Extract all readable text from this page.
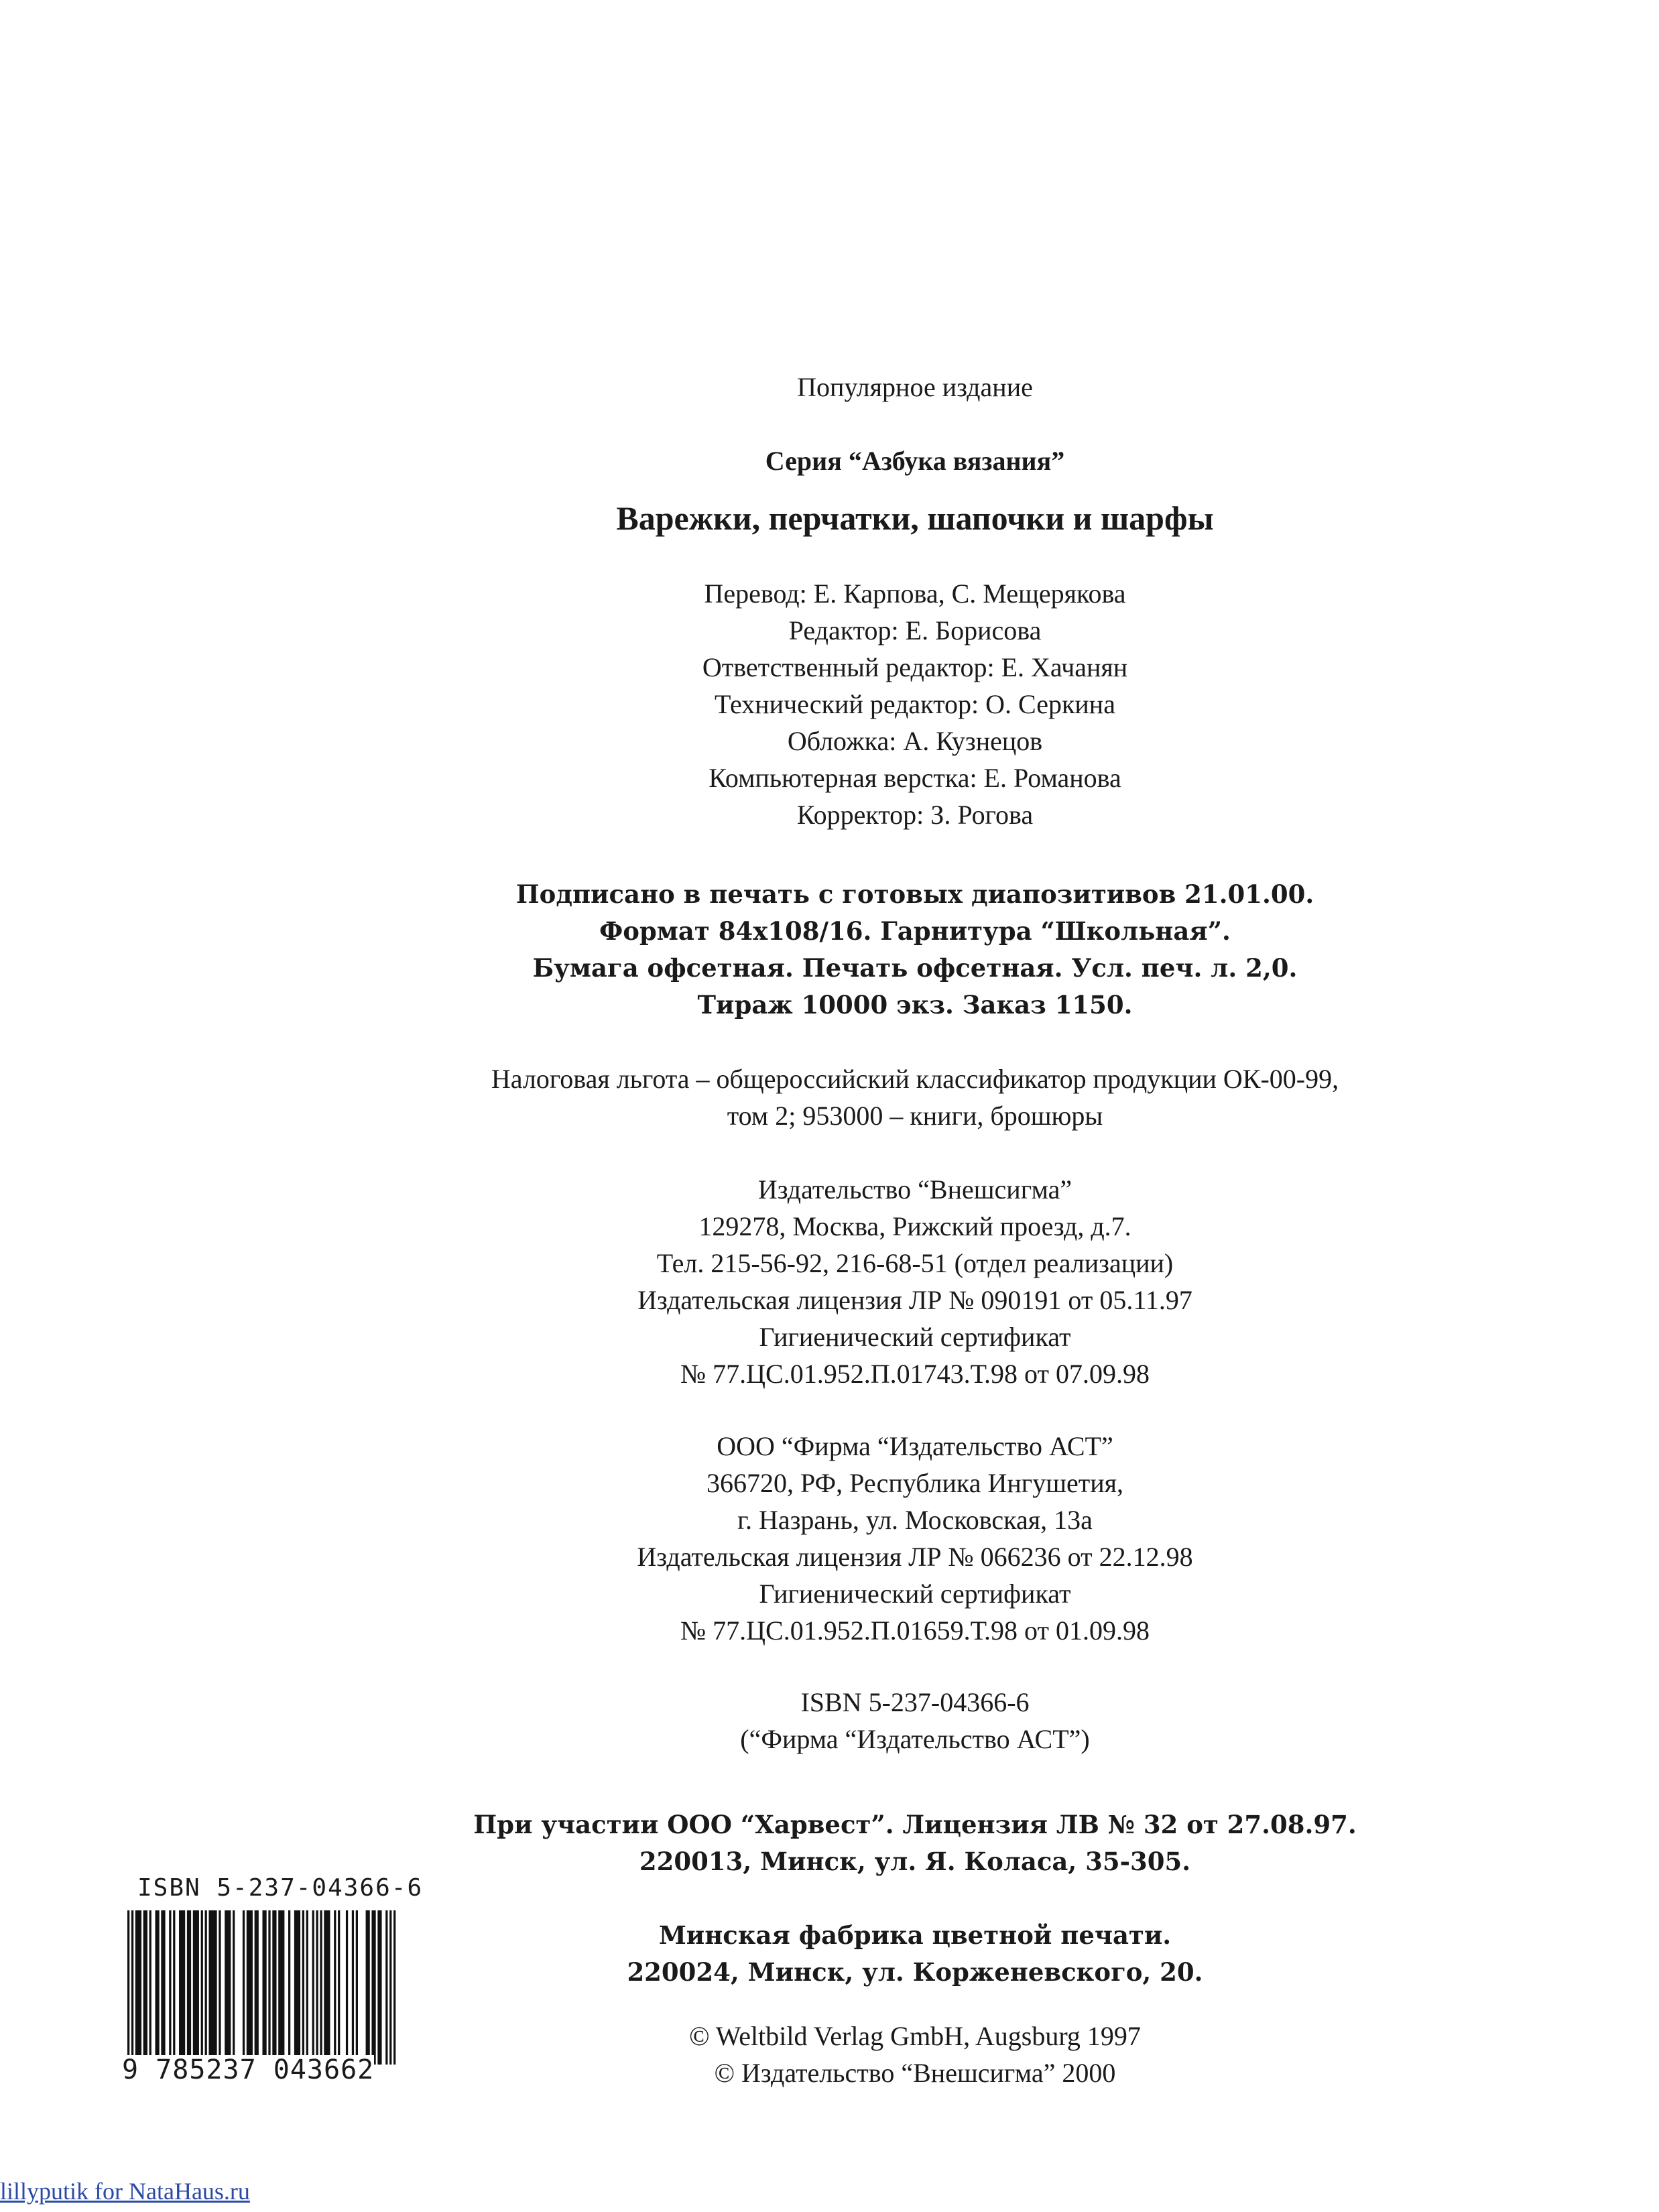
Популярное издание
Серия “Азбука вязания”
Варежки, перчатки, шапочки и шарфы
Перевод: Е. Карпова, С. Мещерякова
Редактор: Е. Борисова
Ответственный редактор: Е. Хачанян
Технический редактор: О. Серкина
Обложка: А. Кузнецов
Компьютерная верстка: Е. Романова
Корректор: З. Рогова
Подписано в печать с готовых диапозитивов 21.01.00.
Формат 84x108/16. Гарнитура “Школьная”.
Бумага офсетная. Печать офсетная. Усл. печ. л. 2,0.
Тираж 10000 экз. Заказ 1150.
Налоговая льгота – общероссийский классификатор продукции ОК-00-99,
том 2; 953000 – книги, брошюры
Издательство “Внешсигма”
129278, Москва, Рижский проезд, д.7.
Тел. 215-56-92, 216-68-51 (отдел реализации)
Издательская лицензия ЛР № 090191 от 05.11.97
Гигиенический сертификат
№ 77.ЦС.01.952.П.01743.Т.98 от 07.09.98
ООО “Фирма “Издательство АСТ”
366720, РФ, Республика Ингушетия,
г. Назрань, ул. Московская, 13а
Издательская лицензия ЛР № 066236 от 22.12.98
Гигиенический сертификат
№ 77.ЦС.01.952.П.01659.Т.98 от 01.09.98
ISBN 5-237-04366-6
(“Фирма “Издательство АСТ”)
При участии ООО “Харвест”. Лицензия ЛВ № 32 от 27.08.97.
220013, Минск, ул. Я. Коласа, 35-305.
Минская фабрика цветной печати.
220024, Минск, ул. Корженевского, 20.
© Weltbild Verlag GmbH, Augsburg 1997
© Издательство “Внешсигма” 2000
ISBN 5-237-04366-6
9 785237 043662
lillyputik for NataHaus.ru
